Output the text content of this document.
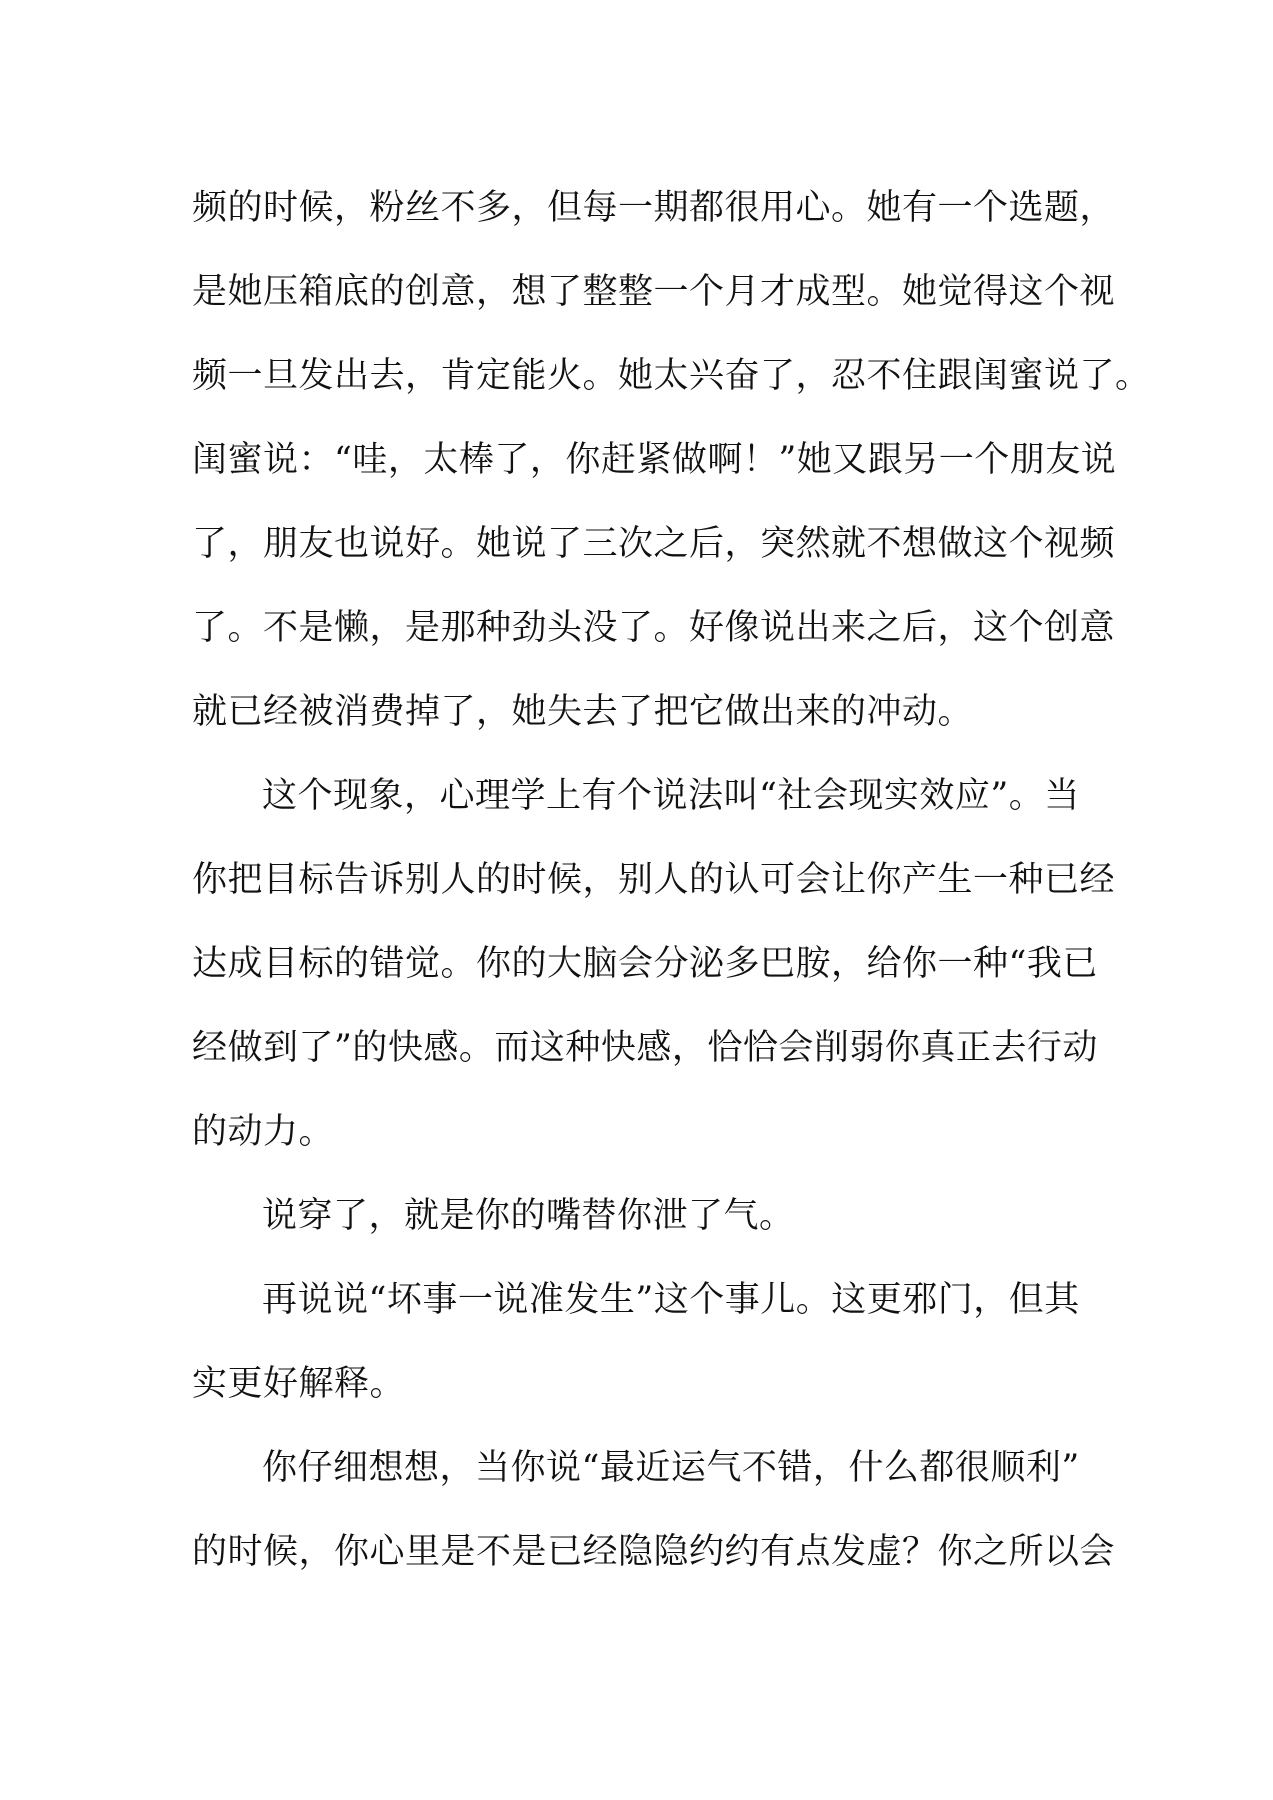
频的时候，粉丝不多，但每一期都很用心。她有一个选题，
是她压箱底的创意，想了整整一个月才成型。她觉得这个视
频一旦发出去，肯定能火。她太兴奋了，忍不住跟闺蜜说了。
闺蜜说：“哇，太棒了，你赶紧做啊！”她又跟另一个朋友说
了，朋友也说好。她说了三次之后，突然就不想做这个视频
了。不是懒，是那种劲头没了。好像说出来之后，这个创意
就已经被消费掉了，她失去了把它做出来的冲动。
这个现象，心理学上有个说法叫“社会现实效应”。当
你把目标告诉别人的时候，别人的认可会让你产生一种已经
达成目标的错觉。你的大脑会分泌多巴胺，给你一种“我已
经做到了”的快感。而这种快感，恰恰会削弱你真正去行动
的动力。
说穿了，就是你的嘴替你泄了气。
再说说“坏事一说准发生”这个事儿。这更邪门，但其
实更好解释。
你仔细想想，当你说“最近运气不错，什么都很顺利”
的时候，你心里是不是已经隐隐约约有点发虚？你之所以会
